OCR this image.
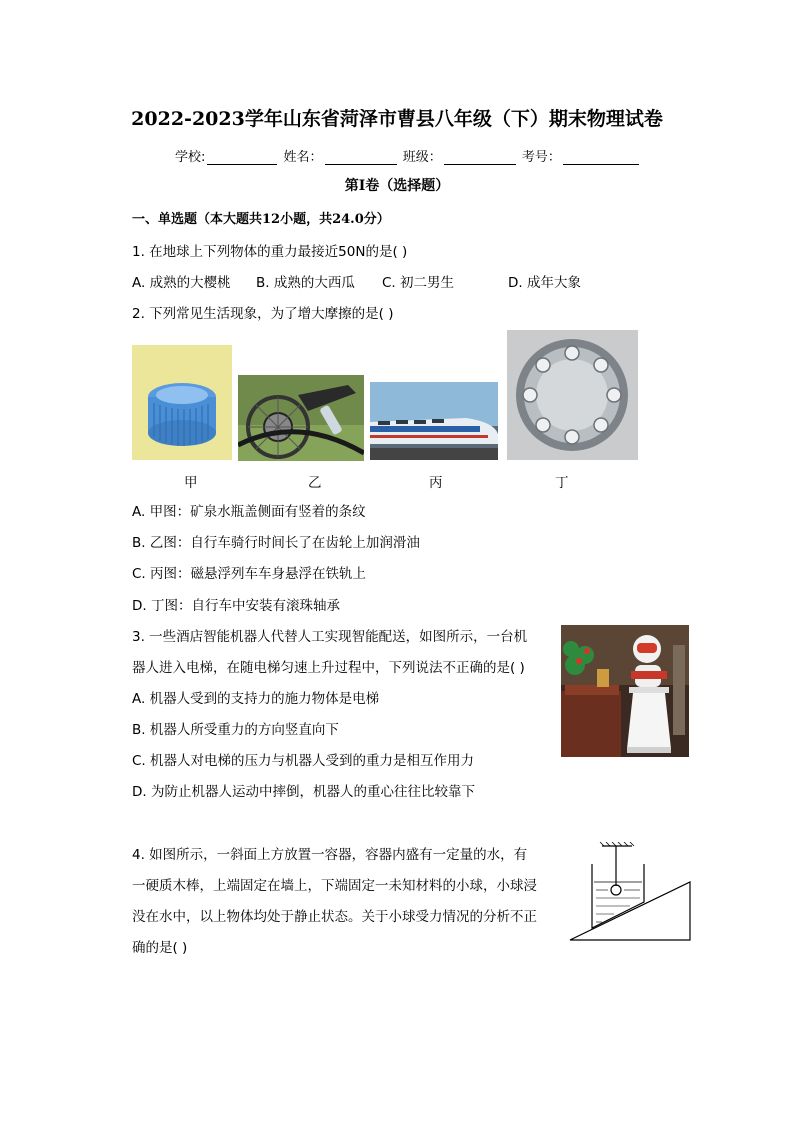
2022-2023学年山东省菏泽市曹县八年级（下）期末物理试卷
学校:	姓名：	班级：	考号：
第I卷（选择题）
一、单选题（本大题共12小题，共24.0分）
1. 在地球上下列物体的重力最接近50N的是( )
A. 成熟的大樱桃 B. 成熟的大西瓜 C. 初二男生	D. 成年大象
2. 下列常见生活现象，为了增大摩擦的是( )
甲	乙	丙	丁
A. 甲图：矿泉水瓶盖侧面有竖着的条纹
B. 乙图：自行车骑行时间长了在齿轮上加润滑油
C. 丙图：磁悬浮列车车身悬浮在铁轨上
D. 丁图：自行车中安装有滚珠轴承
3. 一些酒店智能机器人代替人工实现智能配送，如图所示，一台机
器人进入电梯，在随电梯匀速上升过程中，下列说法不正确的是( )
A. 机器人受到的支持力的施力物体是电梯
B. 机器人所受重力的方向竖直向下
C. 机器人对电梯的压力与机器人受到的重力是相互作用力
D. 为防止机器人运动中摔倒，机器人的重心往往比较靠下
4. 如图所示，一斜面上方放置一容器，容器内盛有一定量的水，有
一硬质木棒，上端固定在墙上，下端固定一未知材料的小球，小球浸
没在水中，以上物体均处于静止状态。关于小球受力情况的分析不正
确的是( )
